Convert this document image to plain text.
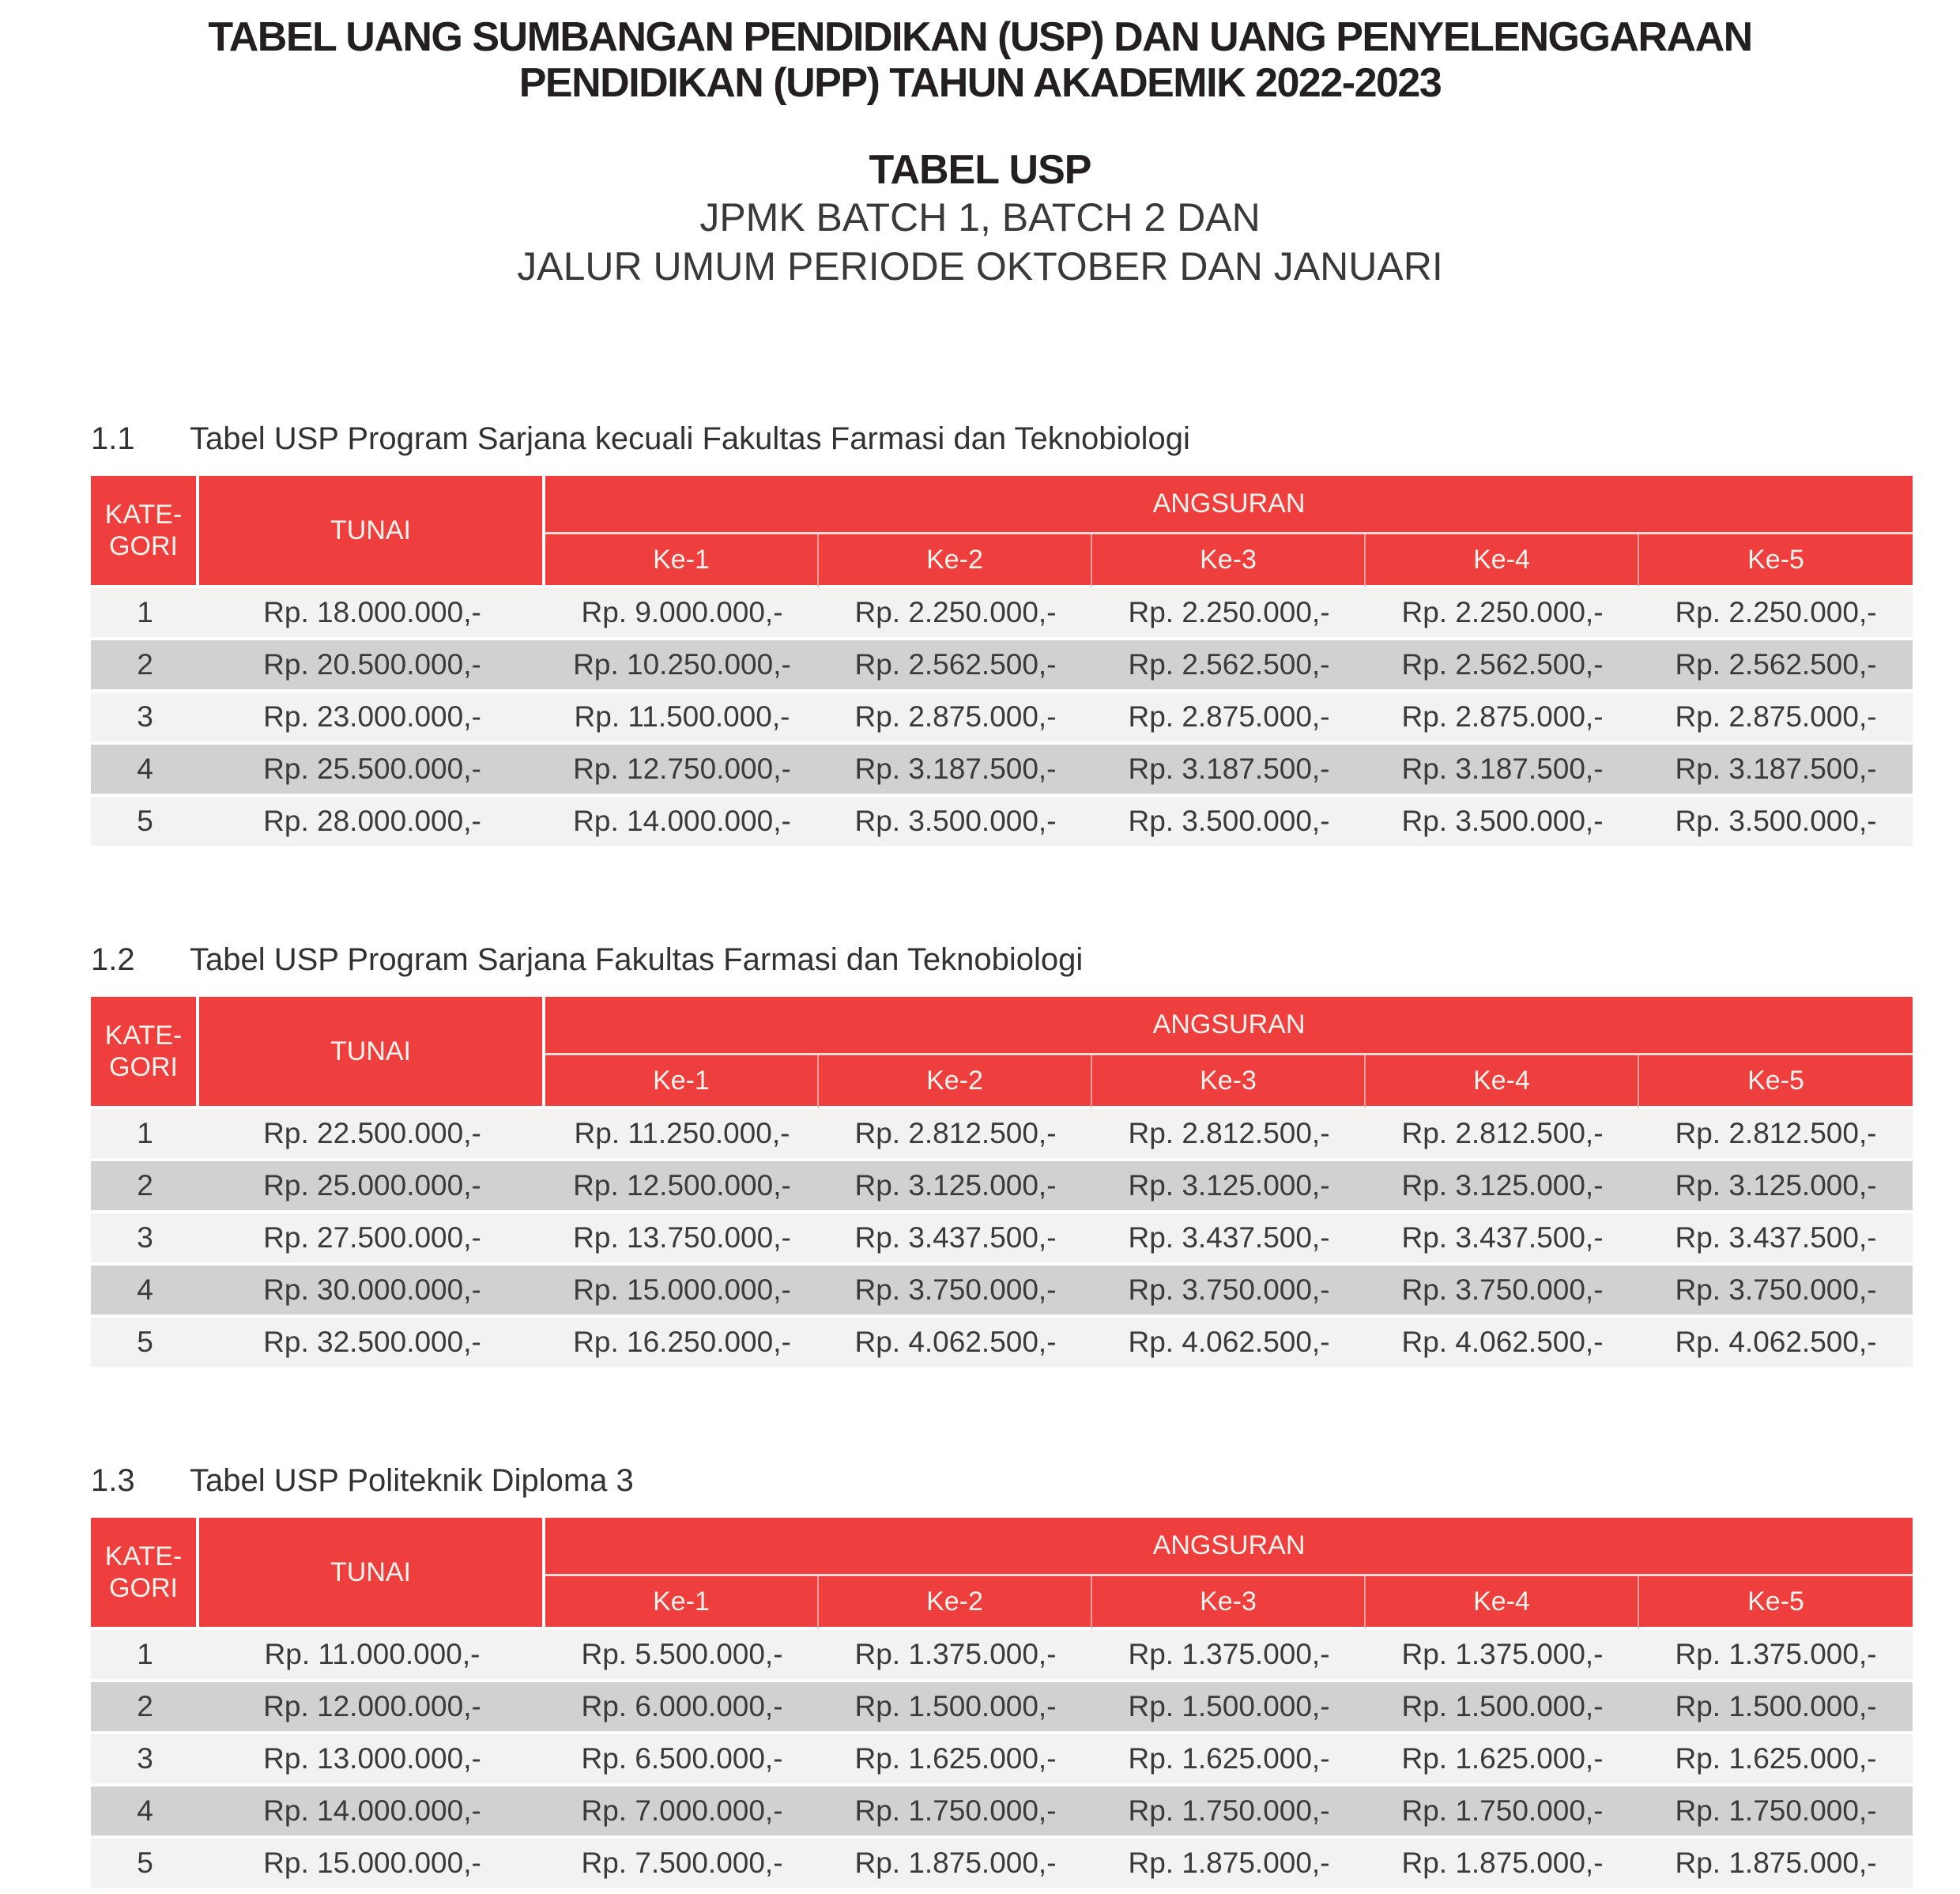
TABEL UANG SUMBANGAN PENDIDIKAN (USP) DAN UANG PENYELENGGARAAN
PENDIDIKAN (UPP) TAHUN AKADEMIK 2022-2023
TABEL USP
JPMK BATCH 1, BATCH 2 DAN
JALUR UMUM PERIODE OKTOBER DAN JANUARI
1.1	Tabel USP Program Sarjana kecuali Fakultas Farmasi dan Teknobiologi
KATE-
GORI	TUNAI	ANGSURAN				
		Ke-1	Ke-2	Ke-3	Ke-4	Ke-5
1	Rp. 18.000.000,-	Rp. 9.000.000,-	Rp. 2.250.000,-	Rp. 2.250.000,-	Rp. 2.250.000,-	Rp. 2.250.000,-
2	Rp. 20.500.000,-	Rp. 10.250.000,-	Rp. 2.562.500,-	Rp. 2.562.500,-	Rp. 2.562.500,-	Rp. 2.562.500,-
3	Rp. 23.000.000,-	Rp. 11.500.000,-	Rp. 2.875.000,-	Rp. 2.875.000,-	Rp. 2.875.000,-	Rp. 2.875.000,-
4	Rp. 25.500.000,-	Rp. 12.750.000,-	Rp. 3.187.500,-	Rp. 3.187.500,-	Rp. 3.187.500,-	Rp. 3.187.500,-
5	Rp. 28.000.000,-	Rp. 14.000.000,-	Rp. 3.500.000,-	Rp. 3.500.000,-	Rp. 3.500.000,-	Rp. 3.500.000,-
1.2	Tabel USP Program Sarjana Fakultas Farmasi dan Teknobiologi
KATE-
GORI	TUNAI	ANGSURAN				
		Ke-1	Ke-2	Ke-3	Ke-4	Ke-5
1	Rp. 22.500.000,-	Rp. 11.250.000,-	Rp. 2.812.500,-	Rp. 2.812.500,-	Rp. 2.812.500,-	Rp. 2.812.500,-
2	Rp. 25.000.000,-	Rp. 12.500.000,-	Rp. 3.125.000,-	Rp. 3.125.000,-	Rp. 3.125.000,-	Rp. 3.125.000,-
3	Rp. 27.500.000,-	Rp. 13.750.000,-	Rp. 3.437.500,-	Rp. 3.437.500,-	Rp. 3.437.500,-	Rp. 3.437.500,-
4	Rp. 30.000.000,-	Rp. 15.000.000,-	Rp. 3.750.000,-	Rp. 3.750.000,-	Rp. 3.750.000,-	Rp. 3.750.000,-
5	Rp. 32.500.000,-	Rp. 16.250.000,-	Rp. 4.062.500,-	Rp. 4.062.500,-	Rp. 4.062.500,-	Rp. 4.062.500,-
1.3	Tabel USP Politeknik Diploma 3
KATE-
GORI	TUNAI	ANGSURAN				
		Ke-1	Ke-2	Ke-3	Ke-4	Ke-5
1	Rp. 11.000.000,-	Rp. 5.500.000,-	Rp. 1.375.000,-	Rp. 1.375.000,-	Rp. 1.375.000,-	Rp. 1.375.000,-
2	Rp. 12.000.000,-	Rp. 6.000.000,-	Rp. 1.500.000,-	Rp. 1.500.000,-	Rp. 1.500.000,-	Rp. 1.500.000,-
3	Rp. 13.000.000,-	Rp. 6.500.000,-	Rp. 1.625.000,-	Rp. 1.625.000,-	Rp. 1.625.000,-	Rp. 1.625.000,-
4	Rp. 14.000.000,-	Rp. 7.000.000,-	Rp. 1.750.000,-	Rp. 1.750.000,-	Rp. 1.750.000,-	Rp. 1.750.000,-
5	Rp. 15.000.000,-	Rp. 7.500.000,-	Rp. 1.875.000,-	Rp. 1.875.000,-	Rp. 1.875.000,-	Rp. 1.875.000,-
